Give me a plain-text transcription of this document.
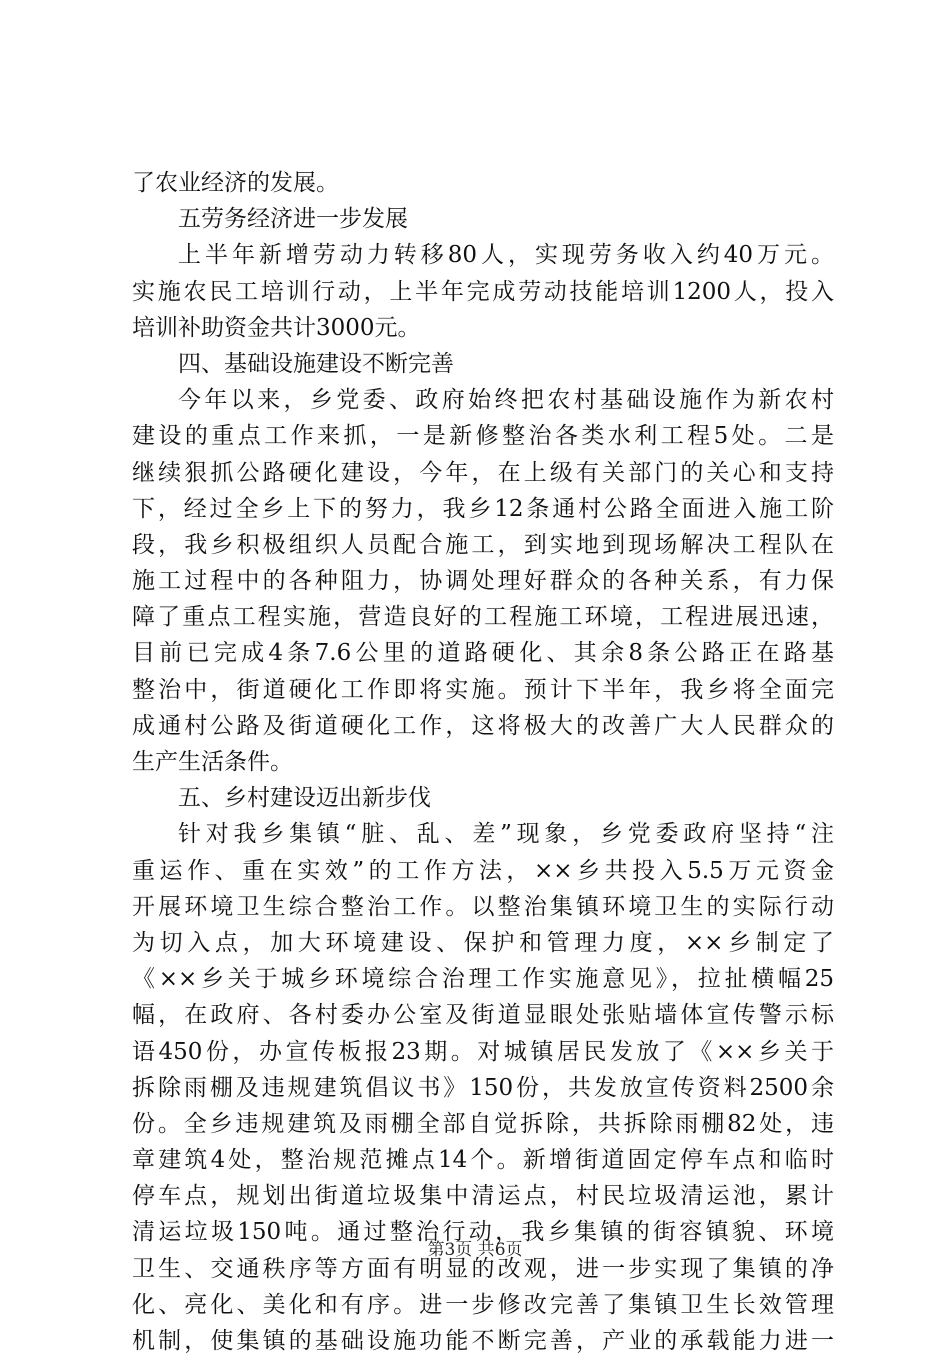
了农业经济的发展。
五劳务经济进一步发展
上半年新增劳动力转移80人，实现劳务收入约40万元。
实施农民工培训行动，上半年完成劳动技能培训1200人，投入
培训补助资金共计3000元。
四、基础设施建设不断完善
今年以来，乡党委、政府始终把农村基础设施作为新农村
建设的重点工作来抓，一是新修整治各类水利工程5处。二是
继续狠抓公路硬化建设，今年，在上级有关部门的关心和支持
下，经过全乡上下的努力，我乡12条通村公路全面进入施工阶
段，我乡积极组织人员配合施工，到实地到现场解决工程队在
施工过程中的各种阻力，协调处理好群众的各种关系，有力保
障了重点工程实施，营造良好的工程施工环境，工程进展迅速，
目前已完成4条7.6公里的道路硬化、其余8条公路正在路基
整治中，街道硬化工作即将实施。预计下半年，我乡将全面完
成通村公路及街道硬化工作，这将极大的改善广大人民群众的
生产生活条件。
五、乡村建设迈出新步伐
针对我乡集镇“脏、乱、差”现象，乡党委政府坚持“注
重运作、重在实效”的工作方法，××乡共投入5.5万元资金
开展环境卫生综合整治工作。以整治集镇环境卫生的实际行动
为切入点，加大环境建设、保护和管理力度，××乡制定了
《××乡关于城乡环境综合治理工作实施意见》，拉扯横幅25
幅，在政府、各村委办公室及街道显眼处张贴墙体宣传警示标
语450份，办宣传板报23期。对城镇居民发放了《××乡关于
拆除雨棚及违规建筑倡议书》150份，共发放宣传资料2500余
份。全乡违规建筑及雨棚全部自觉拆除，共拆除雨棚82处，违
章建筑4处，整治规范摊点14个。新增街道固定停车点和临时
停车点，规划出街道垃圾集中清运点，村民垃圾清运池，累计
清运垃圾150吨。通过整治行动，我乡集镇的街容镇貌、环境
卫生、交通秩序等方面有明显的改观，进一步实现了集镇的净
化、亮化、美化和有序。进一步修改完善了集镇卫生长效管理
机制，使集镇的基础设施功能不断完善，产业的承载能力进一
第3页 共6页
